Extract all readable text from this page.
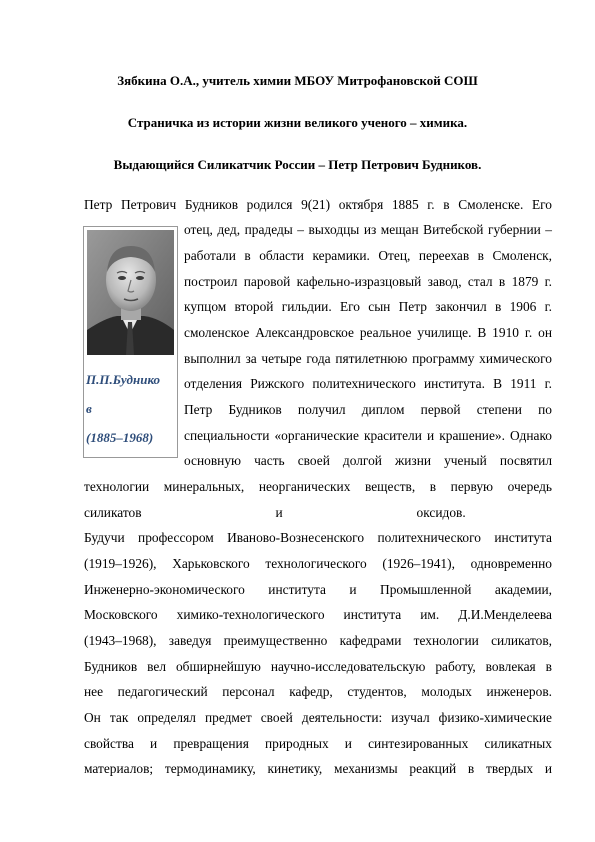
Зябкина О.А., учитель химии МБОУ Митрофановской СОШ
Страничка из истории жизни великого ученого – химика.
Выдающийся Силикатчик России – Петр Петрович Будников.
П.П.Буднико
в
(1885–1968)
Петр Петрович Будников родился 9(21) октября 1885 г. в Смоленске. Его
отец, дед, прадеды – выходцы из мещан Витебской губернии –
работали в области керамики. Отец, переехав в Смоленск,
построил паровой кафельно-изразцовый завод, стал в 1879 г.
купцом второй гильдии. Его сын Петр закончил в 1906 г.
смоленское Александровское реальное училище. В 1910 г. он
выполнил за четыре года пятилетнюю программу химического
отделения Рижского политехнического института. В 1911 г.
Петр Будников получил диплом первой степени по
специальности «органические красители и крашение». Однако
основную часть своей долгой жизни ученый посвятил
технологии минеральных, неорганических веществ, в первую очередь
силикатов                                        и                                        оксидов.
Будучи профессором Иваново-Вознесенского политехнического института
(1919–1926), Харьковского технологического (1926–1941), одновременно
Инженерно-экономического института и Промышленной академии,
Московского химико-технологического института им. Д.И.Менделеева
(1943–1968), заведуя преимущественно кафедрами технологии силикатов,
Будников вел обширнейшую научно-исследовательскую работу, вовлекая в
нее педагогический персонал кафедр, студентов, молодых инженеров.
Он так определял предмет своей деятельности: изучал физико-химические
свойства и превращения природных и синтезированных силикатных
материалов; термодинамику, кинетику, механизмы реакций в твердых и
